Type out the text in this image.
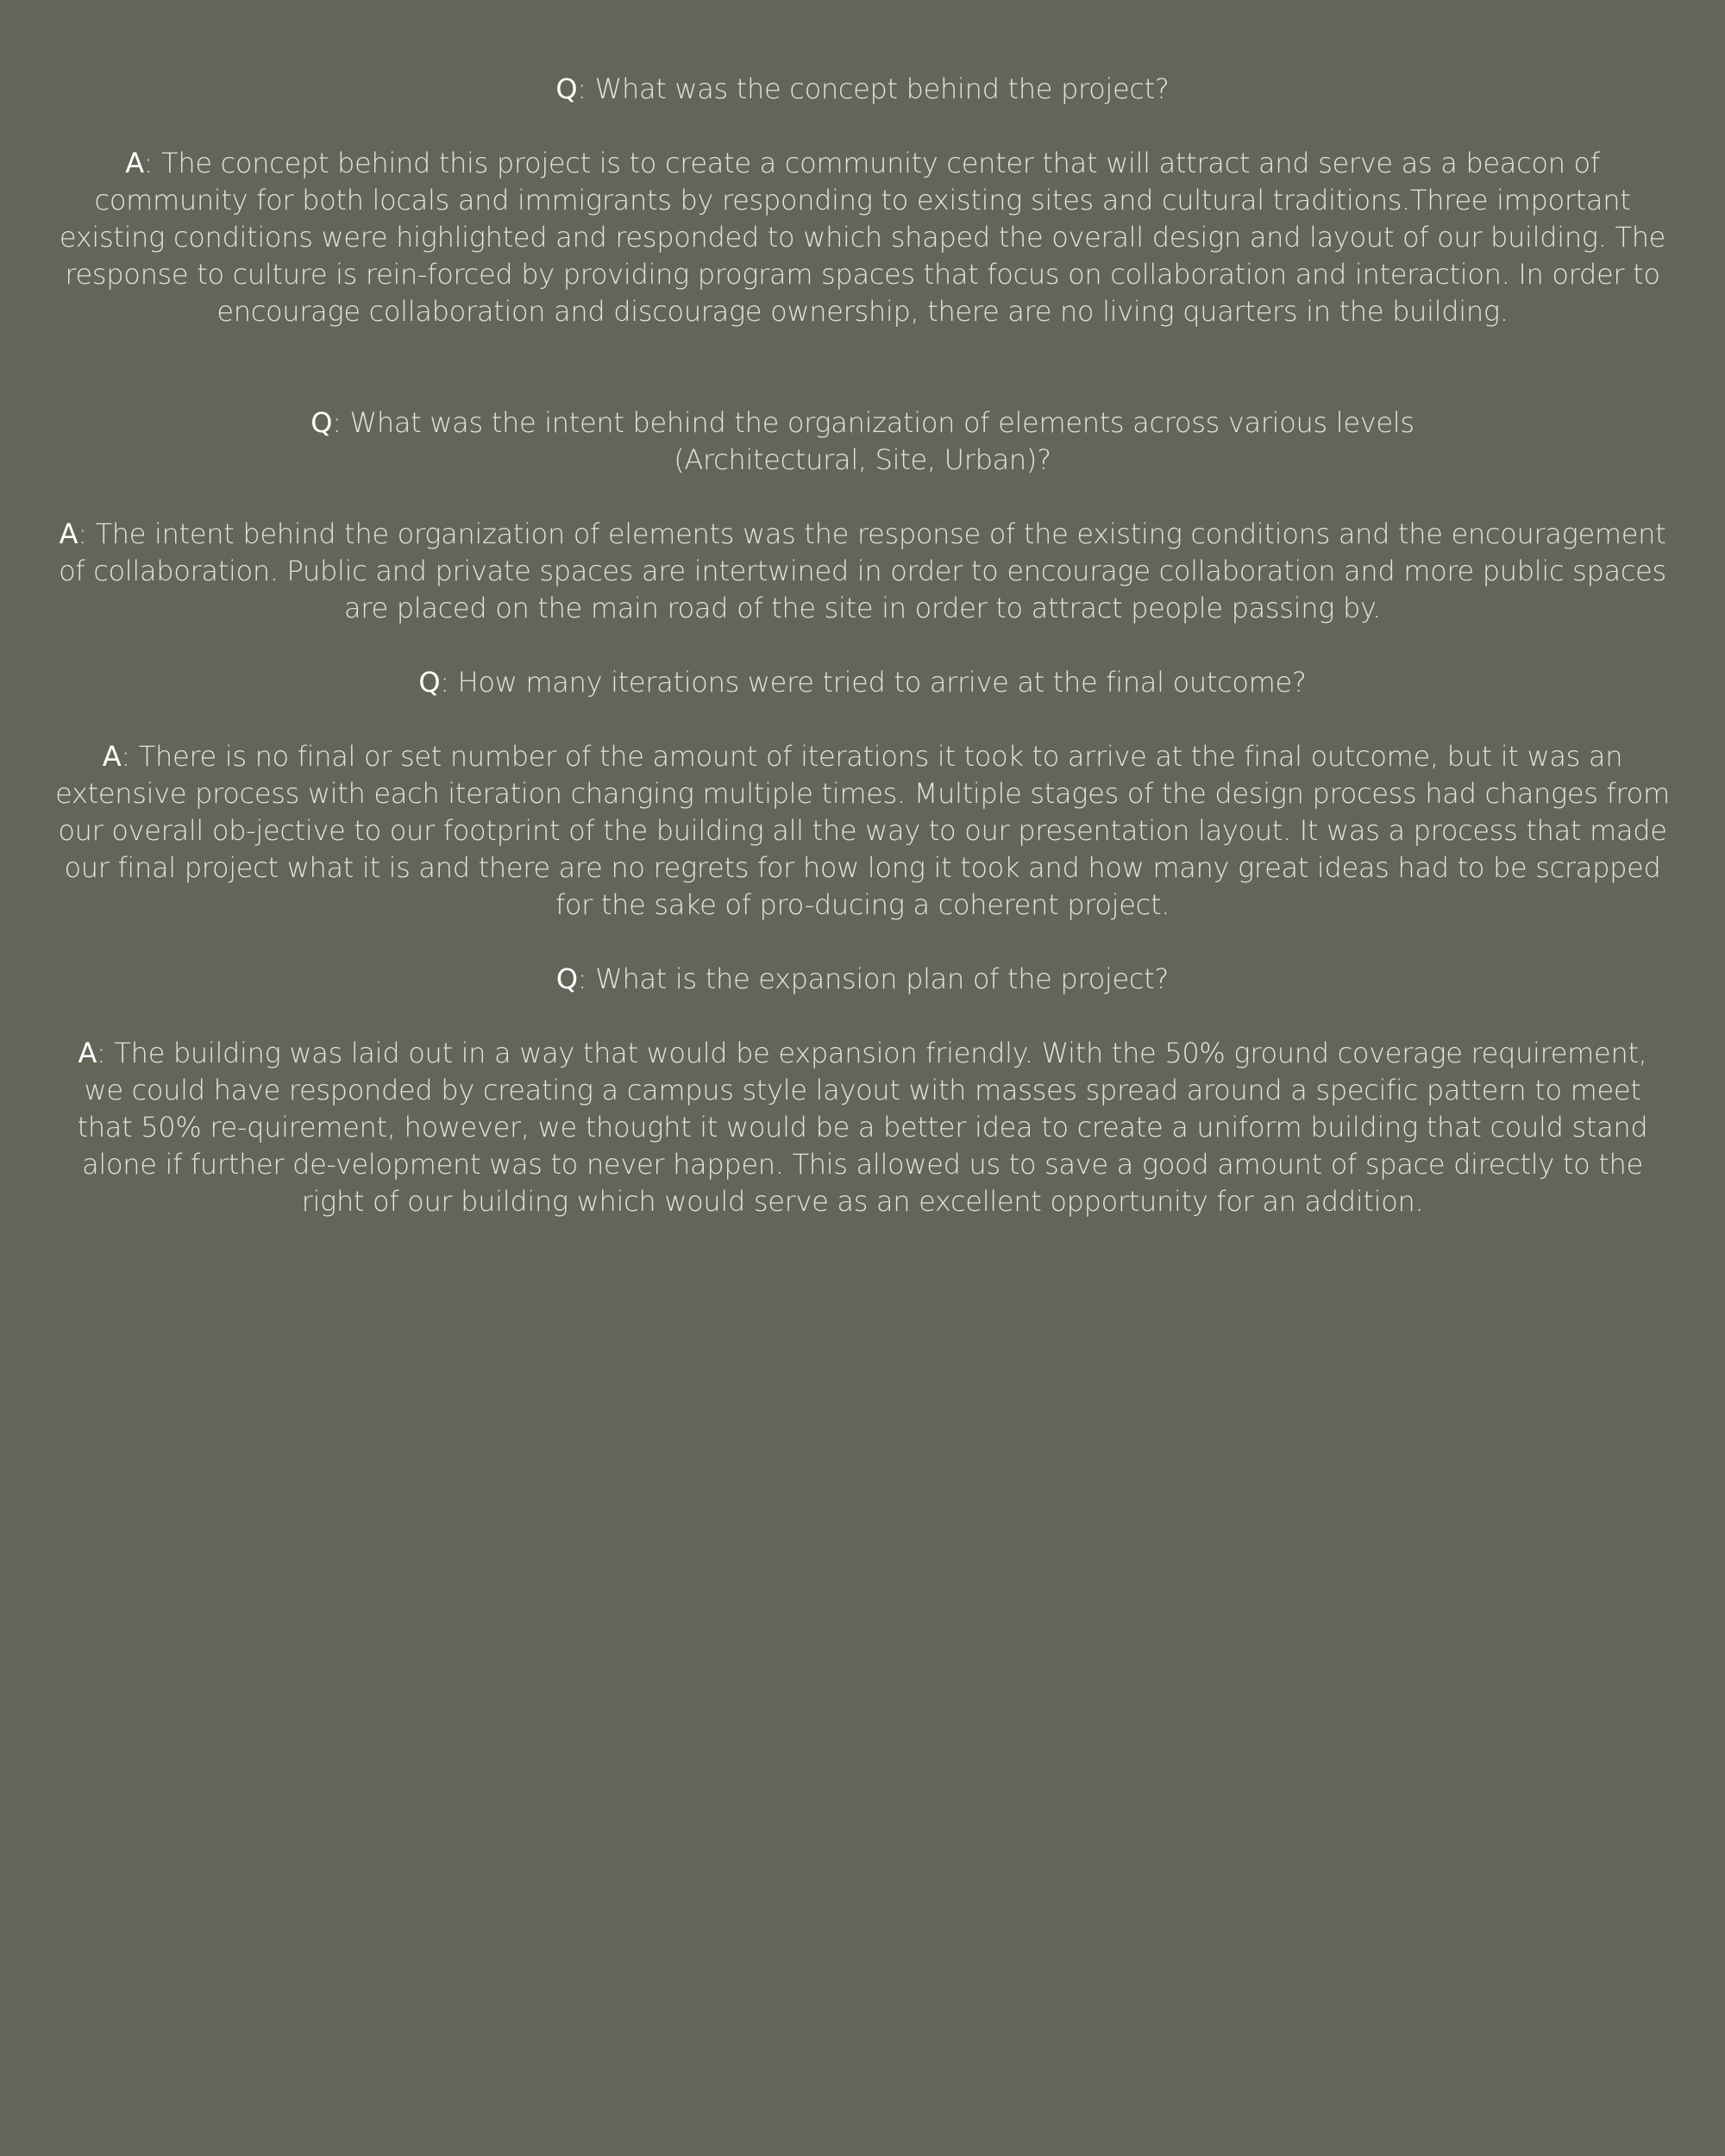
Q: What was the concept behind the project?

A: The concept behind this project is to create a community center that will attract and serve as a beacon of community for both locals and immigrants by responding to existing sites and cultural traditions.Three important existing conditions were highlighted and responded to which shaped the overall design and layout of our building. The response to culture is rein-forced by providing program spaces that focus on collaboration and interaction. In order to encourage collaboration and discourage ownership, there are no living quarters in the building.

Q: What was the intent behind the organization of elements across various levels (Architectural, Site, Urban)?

A: The intent behind the organization of elements was the response of the existing conditions and the encouragement of collaboration. Public and private spaces are intertwined in order to encourage collaboration and more public spaces are placed on the main road of the site in order to attract people passing by.

Q: How many iterations were tried to arrive at the final outcome?

A: There is no final or set number of the amount of iterations it took to arrive at the final outcome, but it was an extensive process with each iteration changing multiple times. Multiple stages of the design process had changes from our overall ob-jective to our footprint of the building all the way to our presentation layout. It was a process that made our final project what it is and there are no regrets for how long it took and how many great ideas had to be scrapped for the sake of pro-ducing a coherent project.

Q: What is the expansion plan of the project?

A: The building was laid out in a way that would be expansion friendly. With the 50% ground coverage requirement, we could have responded by creating a campus style layout with masses spread around a specific pattern to meet that 50% re-quirement, however, we thought it would be a better idea to create a uniform building that could stand alone if further de-velopment was to never happen. This allowed us to save a good amount of space directly to the right of our building which would serve as an excellent opportunity for an addition.
